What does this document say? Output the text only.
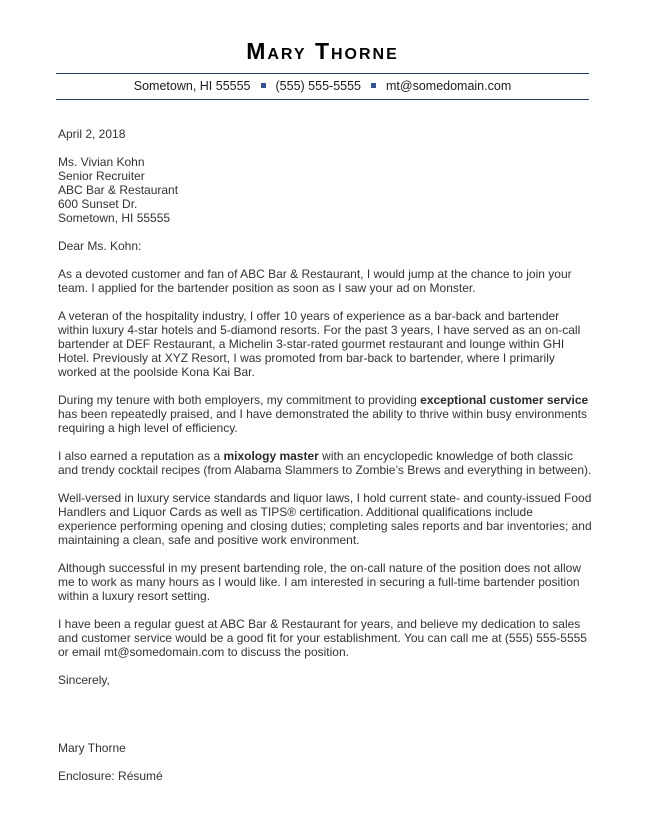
Mary Thorne
Sometown, HI 55555 (555) 555-5555 mt@somedomain.com

April 2, 2018

Ms. Vivian Kohn
Senior Recruiter
ABC Bar & Restaurant
600 Sunset Dr.
Sometown, HI 55555

Dear Ms. Kohn:

As a devoted customer and fan of ABC Bar & Restaurant, I would jump at the chance to join your team. I applied for the bartender position as soon as I saw your ad on Monster.

A veteran of the hospitality industry, I offer 10 years of experience as a bar-back and bartender within luxury 4-star hotels and 5-diamond resorts. For the past 3 years, I have served as an on-call bartender at DEF Restaurant, a Michelin 3-star-rated gourmet restaurant and lounge within GHI Hotel. Previously at XYZ Resort, I was promoted from bar-back to bartender, where I primarily worked at the poolside Kona Kai Bar.

During my tenure with both employers, my commitment to providing exceptional customer service has been repeatedly praised, and I have demonstrated the ability to thrive within busy environments requiring a high level of efficiency.

I also earned a reputation as a mixology master with an encyclopedic knowledge of both classic and trendy cocktail recipes (from Alabama Slammers to Zombie’s Brews and everything in between).

Well-versed in luxury service standards and liquor laws, I hold current state- and county-issued Food Handlers and Liquor Cards as well as TIPS® certification. Additional qualifications include experience performing opening and closing duties; completing sales reports and bar inventories; and maintaining a clean, safe and positive work environment.

Although successful in my present bartending role, the on-call nature of the position does not allow me to work as many hours as I would like. I am interested in securing a full-time bartender position within a luxury resort setting.

I have been a regular guest at ABC Bar & Restaurant for years, and believe my dedication to sales and customer service would be a good fit for your establishment. You can call me at (555) 555-5555 or email mt@somedomain.com to discuss the position.

Sincerely,

Mary Thorne

Enclosure: Résumé
